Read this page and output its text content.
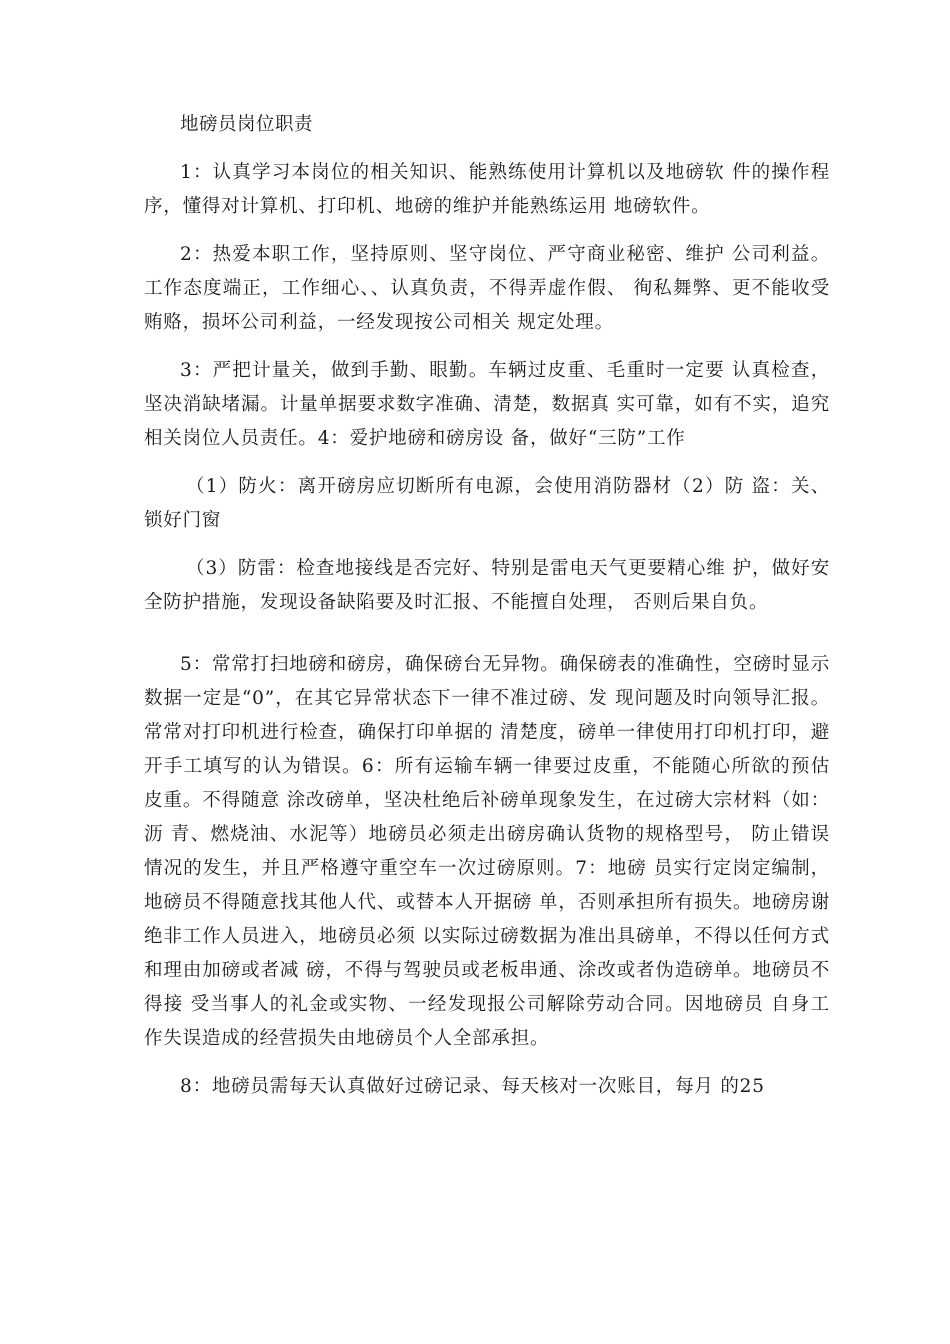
地磅员岗位职责

1：认真学习本岗位的相关知识、能熟练使用计算机以及地磅软 件的操作程序，懂得对计算机、打印机、地磅的维护并能熟练运用 地磅软件。

2：热爱本职工作，坚持原则、坚守岗位、严守商业秘密、维护 公司利益。工作态度端正，工作细心、、认真负责，不得弄虚作假、 徇私舞弊、更不能收受贿赂，损坏公司利益，一经发现按公司相关 规定处理。

3：严把计量关，做到手勤、眼勤。车辆过皮重、毛重时一定要 认真检查，坚决消缺堵漏。计量单据要求数字准确、清楚，数据真 实可靠，如有不实，追究相关岗位人员责任。4：爱护地磅和磅房设 备，做好“三防”工作

（1）防火：离开磅房应切断所有电源，会使用消防器材（2）防 盗：关、锁好门窗

（3）防雷：检查地接线是否完好、特别是雷电天气更要精心维 护，做好安全防护措施，发现设备缺陷要及时汇报、不能擅自处理， 否则后果自负。

5：常常打扫地磅和磅房，确保磅台无异物。确保磅表的准确性，空磅时显示数据一定是“0”，在其它异常状态下一律不准过磅、发 现问题及时向领导汇报。常常对打印机进行检查，确保打印单据的 清楚度，磅单一律使用打印机打印，避开手工填写的认为错误。6：所有运输车辆一律要过皮重，不能随心所欲的预估皮重。不得随意 涂改磅单，坚决杜绝后补磅单现象发生，在过磅大宗材料（如：沥 青、燃烧油、水泥等）地磅员必须走出磅房确认货物的规格型号， 防止错误情况的发生，并且严格遵守重空车一次过磅原则。7：地磅 员实行定岗定编制，地磅员不得随意找其他人代、或替本人开据磅 单，否则承担所有损失。地磅房谢绝非工作人员进入，地磅员必须 以实际过磅数据为准出具磅单，不得以任何方式和理由加磅或者减 磅，不得与驾驶员或老板串通、涂改或者伪造磅单。地磅员不得接 受当事人的礼金或实物、一经发现报公司解除劳动合同。因地磅员 自身工作失误造成的经营损失由地磅员个人全部承担。

8：地磅员需每天认真做好过磅记录、每天核对一次账目，每月 的25
